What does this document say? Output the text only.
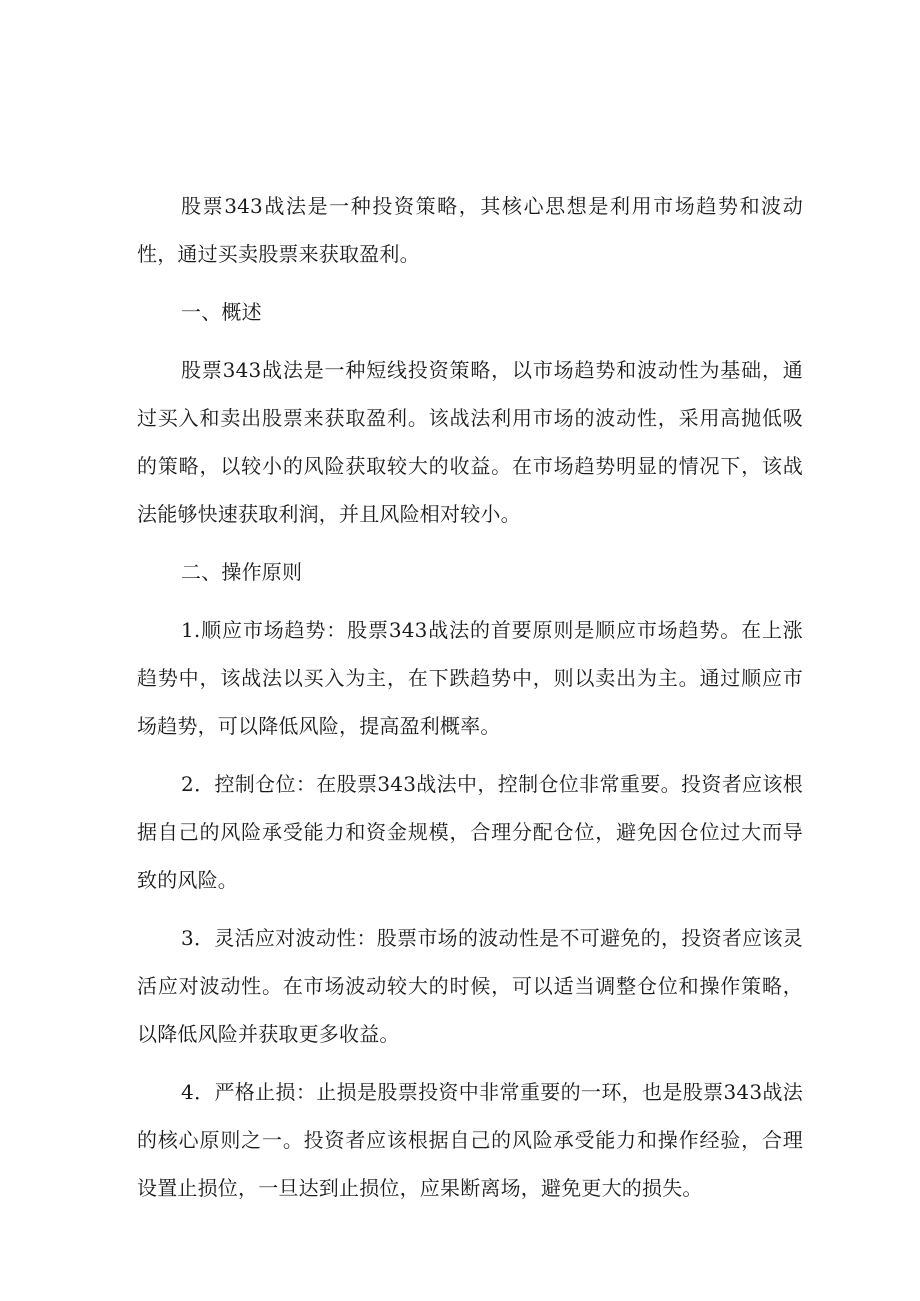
股票343战法是一种投资策略，其核心思想是利用市场趋势和波动性，通过买卖股票来获取盈利。

一、概述

股票343战法是一种短线投资策略，以市场趋势和波动性为基础，通过买入和卖出股票来获取盈利。该战法利用市场的波动性，采用高抛低吸的策略，以较小的风险获取较大的收益。在市场趋势明显的情况下，该战法能够快速获取利润，并且风险相对较小。

二、操作原则

1.顺应市场趋势：股票343战法的首要原则是顺应市场趋势。在上涨趋势中，该战法以买入为主，在下跌趋势中，则以卖出为主。通过顺应市场趋势，可以降低风险，提高盈利概率。

2．控制仓位：在股票343战法中，控制仓位非常重要。投资者应该根据自己的风险承受能力和资金规模，合理分配仓位，避免因仓位过大而导致的风险。

3．灵活应对波动性：股票市场的波动性是不可避免的，投资者应该灵活应对波动性。在市场波动较大的时候，可以适当调整仓位和操作策略，以降低风险并获取更多收益。

4．严格止损：止损是股票投资中非常重要的一环，也是股票343战法的核心原则之一。投资者应该根据自己的风险承受能力和操作经验，合理设置止损位，一旦达到止损位，应果断离场，避免更大的损失。
